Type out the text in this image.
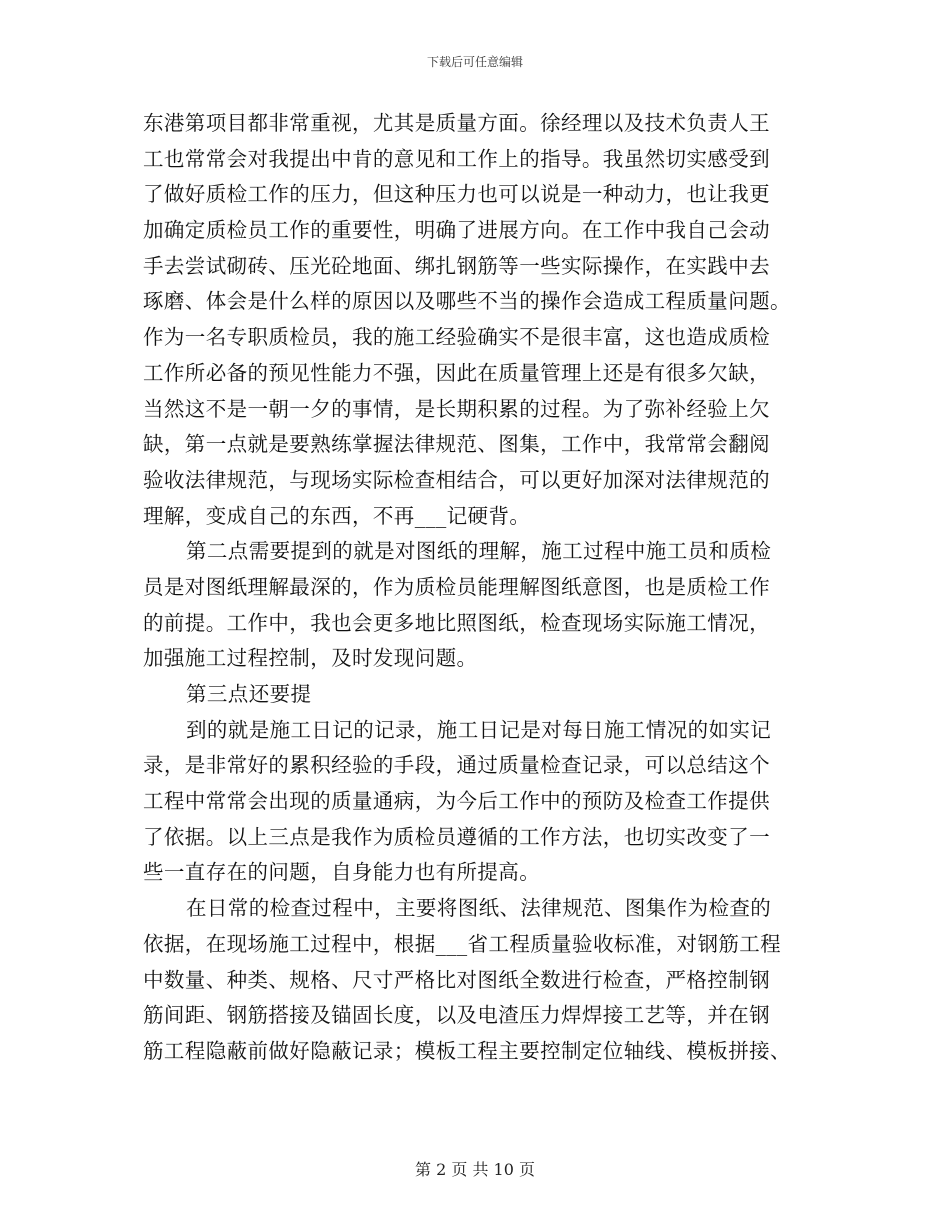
下载后可任意编辑
东港第项目都非常重视，尤其是质量方面。徐经理以及技术负责人王
工也常常会对我提出中肯的意见和工作上的指导。我虽然切实感受到
了做好质检工作的压力，但这种压力也可以说是一种动力，也让我更
加确定质检员工作的重要性，明确了进展方向。在工作中我自己会动
手去尝试砌砖、压光砼地面、绑扎钢筋等一些实际操作，在实践中去
琢磨、体会是什么样的原因以及哪些不当的操作会造成工程质量问题。
作为一名专职质检员，我的施工经验确实不是很丰富，这也造成质检
工作所必备的预见性能力不强，因此在质量管理上还是有很多欠缺，
当然这不是一朝一夕的事情，是长期积累的过程。为了弥补经验上欠
缺，第一点就是要熟练掌握法律规范、图集，工作中，我常常会翻阅
验收法律规范，与现场实际检查相结合，可以更好加深对法律规范的
理解，变成自己的东西，不再___记硬背。
第二点需要提到的就是对图纸的理解，施工过程中施工员和质检
员是对图纸理解最深的，作为质检员能理解图纸意图，也是质检工作
的前提。工作中，我也会更多地比照图纸，检查现场实际施工情况，
加强施工过程控制，及时发现问题。
第三点还要提
到的就是施工日记的记录，施工日记是对每日施工情况的如实记
录，是非常好的累积经验的手段，通过质量检查记录，可以总结这个
工程中常常会出现的质量通病，为今后工作中的预防及检查工作提供
了依据。以上三点是我作为质检员遵循的工作方法，也切实改变了一
些一直存在的问题，自身能力也有所提高。
在日常的检查过程中，主要将图纸、法律规范、图集作为检查的
依据，在现场施工过程中，根据___省工程质量验收标准，对钢筋工程
中数量、种类、规格、尺寸严格比对图纸全数进行检查，严格控制钢
筋间距、钢筋搭接及锚固长度，以及电渣压力焊焊接工艺等，并在钢
筋工程隐蔽前做好隐蔽记录；模板工程主要控制定位轴线、模板拼接、
第 2 页 共 10 页
